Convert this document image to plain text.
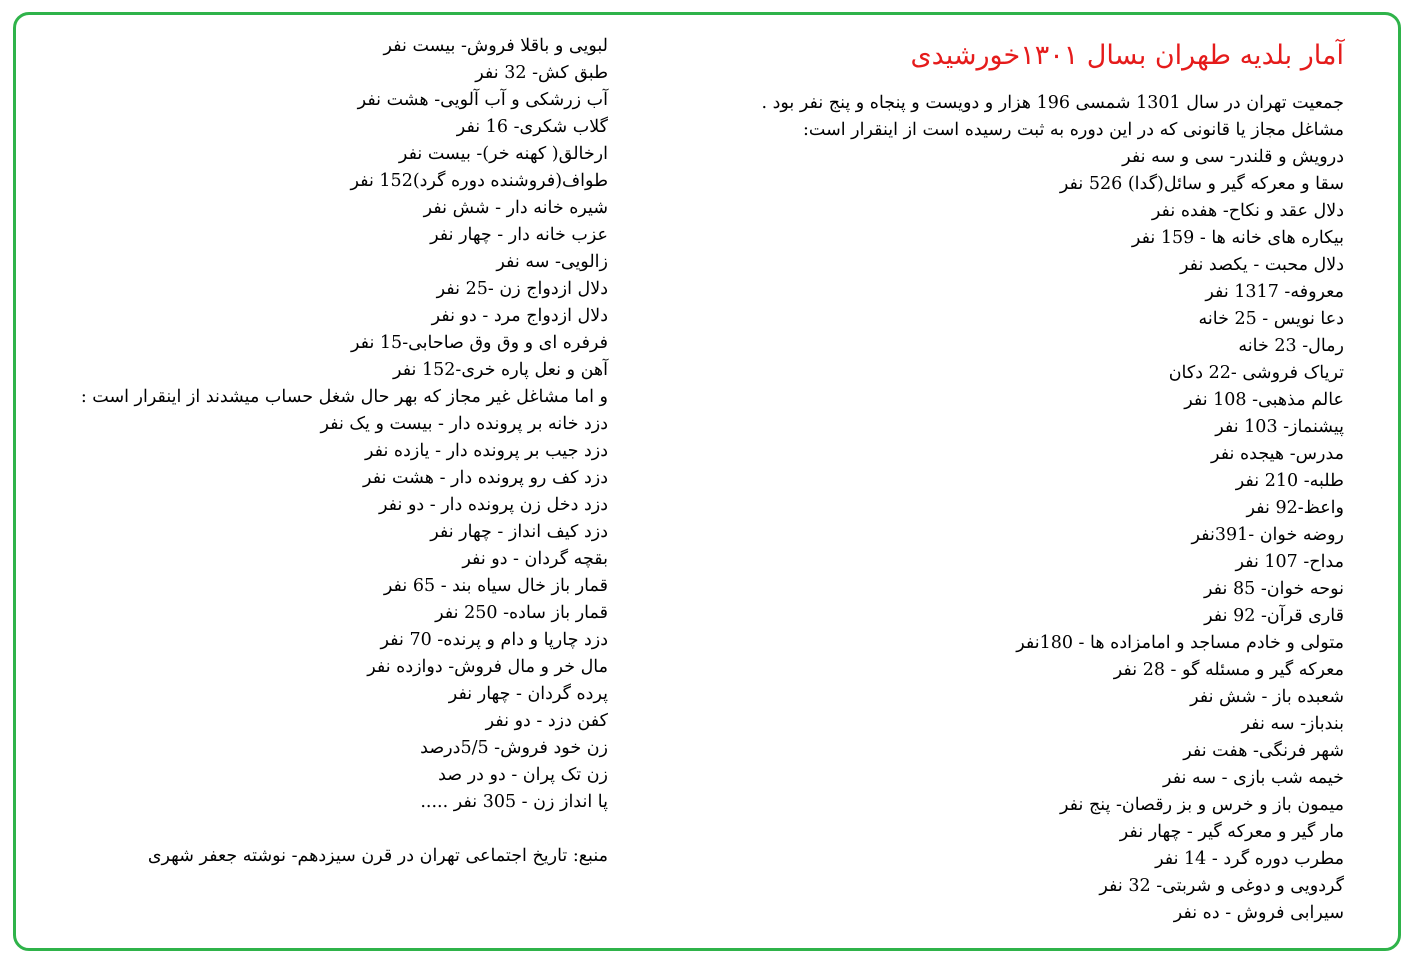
آمار بلدیه طهران بسال ۱۳۰۱خورشیدی
جمعیت تهران در سال 1301 شمسی 196 هزار و دویست و پنجاه و پنج نفر بود .
مشاغل مجاز یا قانونی که در این دوره به ثبت رسیده است از اینقرار است:
درویش و قلندر- سی و سه نفر
سقا و معرکه گیر و سائل(گدا) 526 نفر
دلال عقد و نکاح- هفده نفر
بیکاره های خانه ها - 159 نفر
دلال محبت - یکصد نفر
معروفه- 1317 نفر
دعا نویس - 25 خانه
رمال- 23 خانه
تریاک فروشی -22 دکان
عالم مذهبی- 108 نفر
پیشنماز- 103 نفر
مدرس- هیجده نفر
طلبه- 210 نفر
واعظ-92 نفر
روضه خوان -391نفر
مداح- 107 نفر
نوحه خوان- 85 نفر
قاری قرآن- 92 نفر
متولی و خادم مساجد و امامزاده ها - 180نفر
معرکه گیر و مسئله گو - 28 نفر
شعبده باز - شش نفر
بندباز- سه نفر
شهر فرنگی- هفت نفر
خیمه شب بازی - سه نفر
میمون باز و خرس و بز رقصان- پنج نفر
مار گیر و معرکه گیر - چهار نفر
مطرب دوره گرد - 14 نفر
گردویی و دوغی و شربتی- 32 نفر
سیرابی فروش - ده نفر
لبویی و باقلا فروش- بیست نفر
طبق کش- 32 نفر
آب زرشکی و آب آلویی- هشت نفر
گلاب شکری- 16 نفر
ارخالق( کهنه خر)- بیست نفر
طواف(فروشنده دوره گرد)152 نفر
شیره خانه دار - شش نفر
عزب خانه دار - چهار نفر
زالویی- سه نفر
دلال ازدواج زن -25 نفر
دلال ازدواج مرد - دو نفر
فرفره ای و وق وق صاحابی-15 نفر
آهن و نعل پاره خری-152 نفر
و اما مشاغل غیر مجاز که بهر حال شغل حساب میشدند از اینقرار است :
دزد خانه بر پرونده دار - بیست و یک نفر
دزد جیب بر پرونده دار - یازده نفر
دزد کف رو پرونده دار - هشت نفر
دزد دخل زن پرونده دار - دو نفر
دزد کیف انداز - چهار نفر
بقچه گردان - دو نفر
قمار باز خال سیاه بند - 65 نفر
قمار باز ساده- 250 نفر
دزد چارپا و دام و پرنده- 70 نفر
مال خر و مال فروش- دوازده نفر
پرده گردان - چهار نفر
کفن دزد - دو نفر
زن خود فروش- 5/5درصد
زن تک پران - دو در صد
پا انداز زن - 305 نفر .....
منبع: تاریخ اجتماعی تهران در قرن سیزدهم- نوشته جعفر شهری
